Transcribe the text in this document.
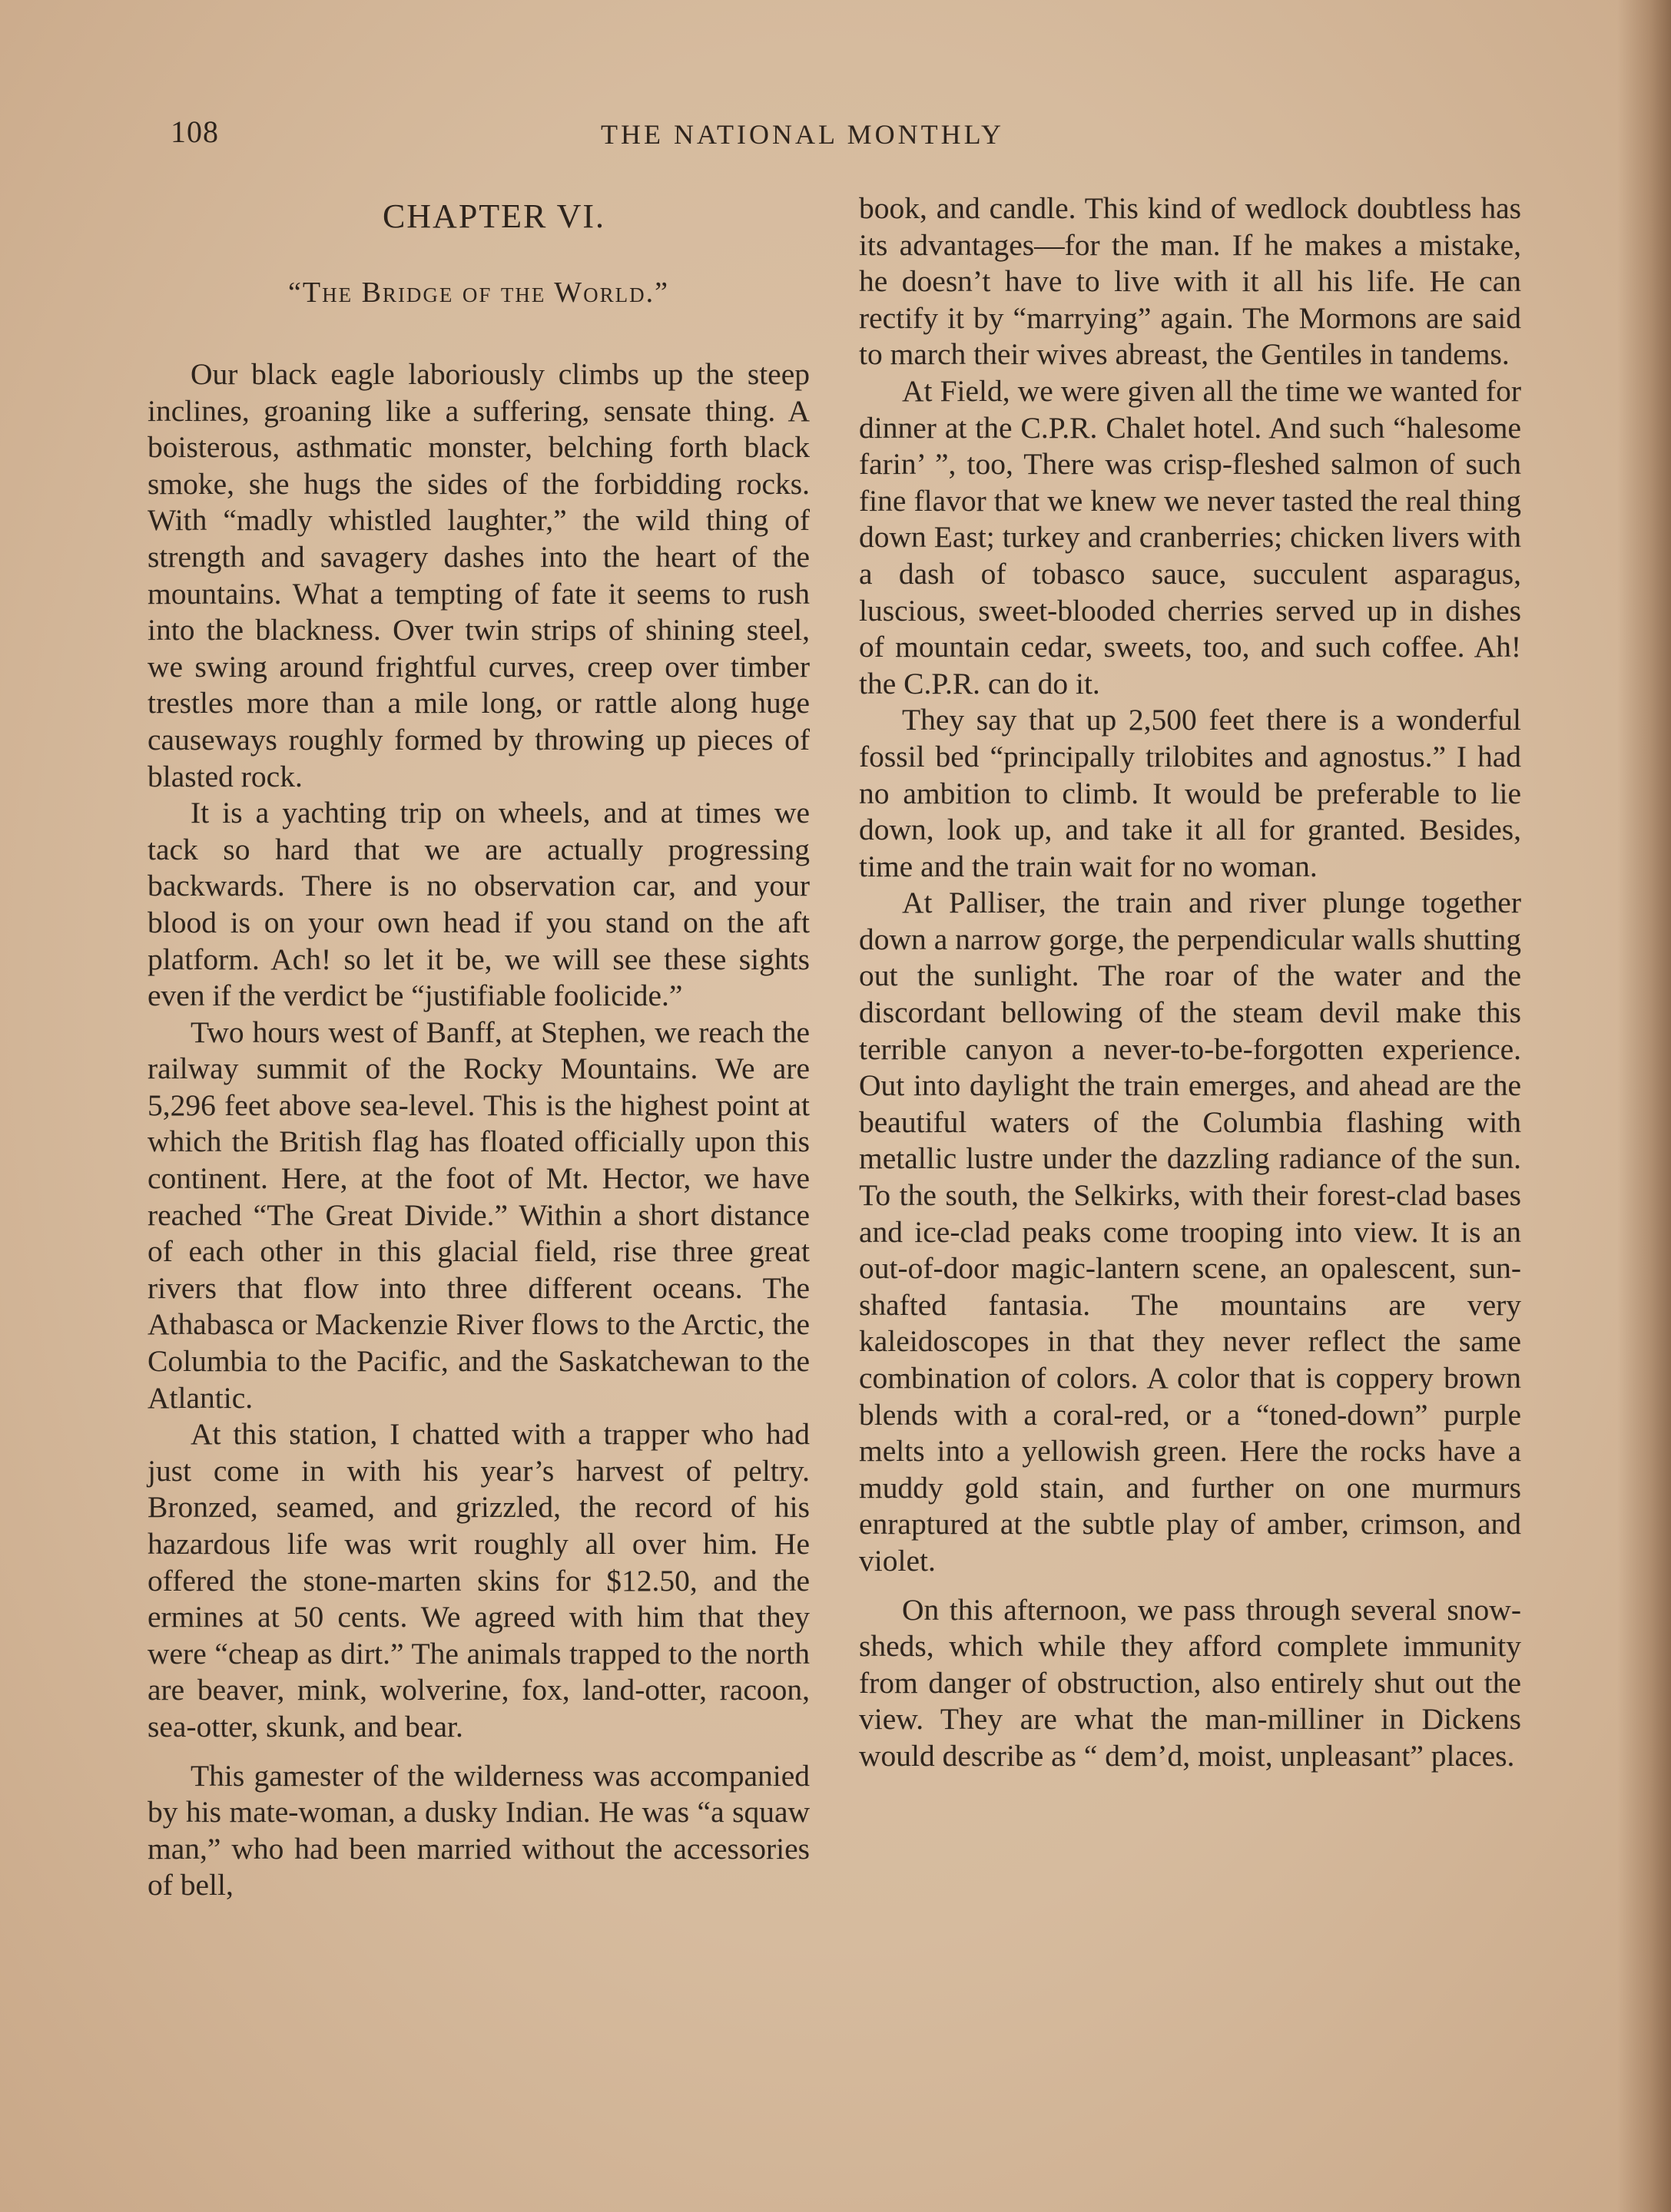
108	THE NATIONAL MONTHLY
CHAPTER VI.
“The Bridge of the World.”

Our black eagle laboriously climbs up the steep inclines, groaning like a suffering, sensate thing. A boisterous, asthmatic monster, belching forth black smoke, she hugs the sides of the forbidding rocks. With “madly whistled laughter,” the wild thing of strength and savagery dashes into the heart of the mountains. What a tempting of fate it seems to rush into the blackness. Over twin strips of shining steel, we swing around frightful curves, creep over timber trestles more than a mile long, or rattle along huge causeways roughly formed by throwing up pieces of blasted rock.

It is a yachting trip on wheels, and at times we tack so hard that we are actually progressing backwards. There is no observation car, and your blood is on your own head if you stand on the aft platform. Ach! so let it be, we will see these sights even if the verdict be “justifiable foolicide.”

Two hours west of Banff, at Stephen, we reach the railway summit of the Rocky Mountains. We are 5,296 feet above sea-level. This is the highest point at which the British flag has floated officially upon this continent. Here, at the foot of Mt. Hector, we have reached “The Great Divide.” Within a short distance of each other in this glacial field, rise three great rivers that flow into three different oceans. The Athabasca or Mackenzie River flows to the Arctic, the Columbia to the Pacific, and the Saskatchewan to the Atlantic.

At this station, I chatted with a trapper who had just come in with his year’s harvest of peltry. Bronzed, seamed, and grizzled, the record of his hazardous life was writ roughly all over him. He offered the stone-marten skins for $12.50, and the ermines at 50 cents. We agreed with him that they were “cheap as dirt.” The animals trapped to the north are beaver, mink, wolverine, fox, land-otter, racoon, sea-otter, skunk, and bear.

This gamester of the wilderness was accompanied by his mate-woman, a dusky Indian. He was “a squaw man,” who had been married without the accessories of bell,

book, and candle. This kind of wedlock doubtless has its advantages—for the man. If he makes a mistake, he doesn’t have to live with it all his life. He can rectify it by “marrying” again. The Mormons are said to march their wives abreast, the Gentiles in tandems.

At Field, we were given all the time we wanted for dinner at the C.P.R. Chalet hotel. And such “halesome farin’ ”, too, There was crisp-fleshed salmon of such fine flavor that we knew we never tasted the real thing down East; turkey and cranberries; chicken livers with a dash of tobasco sauce, succulent asparagus, luscious, sweet-blooded cherries served up in dishes of mountain cedar, sweets, too, and such coffee. Ah! the C.P.R. can do it.

They say that up 2,500 feet there is a wonderful fossil bed “principally trilobites and agnostus.” I had no ambition to climb. It would be preferable to lie down, look up, and take it all for granted. Besides, time and the train wait for no woman.

At Palliser, the train and river plunge together down a narrow gorge, the perpendicular walls shutting out the sunlight. The roar of the water and the discordant bellowing of the steam devil make this terrible canyon a never-to-be-forgotten experience. Out into daylight the train emerges, and ahead are the beautiful waters of the Columbia flashing with metallic lustre under the dazzling radiance of the sun. To the south, the Selkirks, with their forest-clad bases and ice-clad peaks come trooping into view. It is an out-of-door magic-lantern scene, an opalescent, sun-shafted fantasia. The mountains are very kaleidoscopes in that they never reflect the same combination of colors. A color that is coppery brown blends with a coral-red, or a “toned-down” purple melts into a yellowish green. Here the rocks have a muddy gold stain, and further on one murmurs enraptured at the subtle play of amber, crimson, and violet.

On this afternoon, we pass through several snow-sheds, which while they afford complete immunity from danger of obstruction, also entirely shut out the view. They are what the man-milliner in Dickens would describe as “ dem’d, moist, unpleasant” places.
